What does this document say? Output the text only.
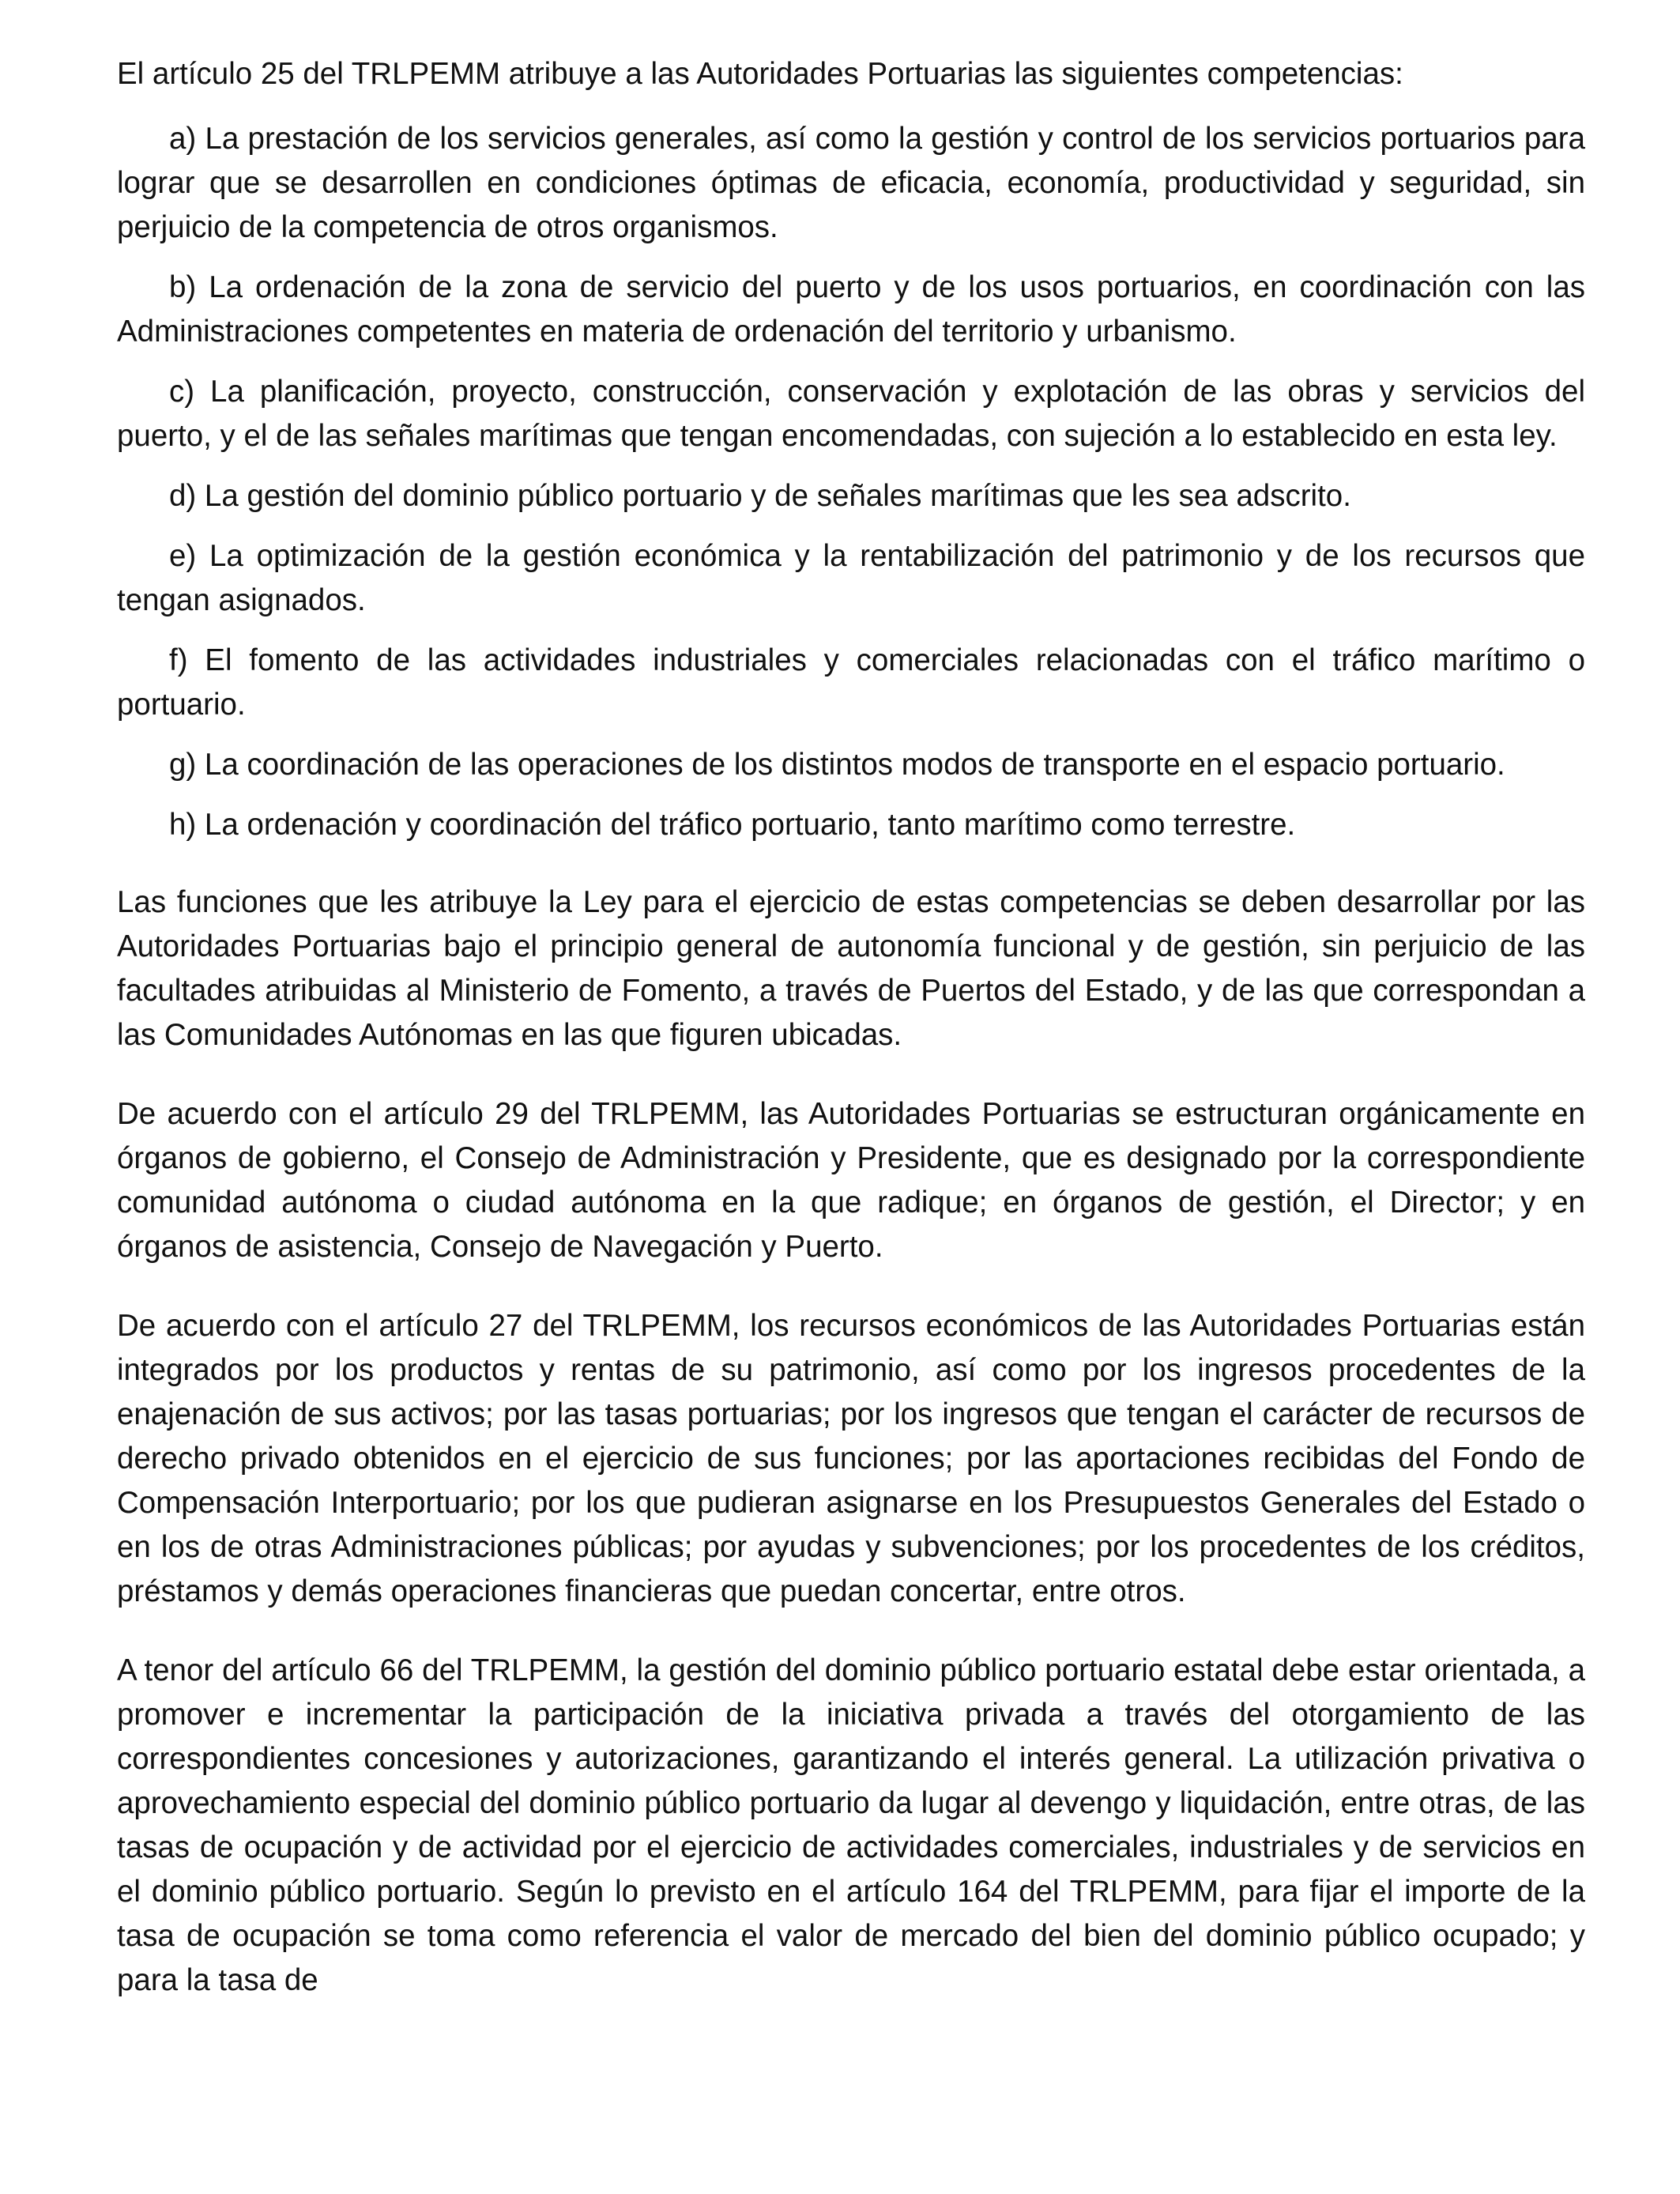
El artículo 25 del TRLPEMM atribuye a las Autoridades Portuarias las siguientes competencias:

a) La prestación de los servicios generales, así como la gestión y control de los servicios portuarios para lograr que se desarrollen en condiciones óptimas de eficacia, economía, productividad y seguridad, sin perjuicio de la competencia de otros organismos.

b) La ordenación de la zona de servicio del puerto y de los usos portuarios, en coordinación con las Administraciones competentes en materia de ordenación del territorio y urbanismo.

c) La planificación, proyecto, construcción, conservación y explotación de las obras y servicios del puerto, y el de las señales marítimas que tengan encomendadas, con sujeción a lo establecido en esta ley.

d) La gestión del dominio público portuario y de señales marítimas que les sea adscrito.

e) La optimización de la gestión económica y la rentabilización del patrimonio y de los recursos que tengan asignados.

f) El fomento de las actividades industriales y comerciales relacionadas con el tráfico marítimo o portuario.

g) La coordinación de las operaciones de los distintos modos de transporte en el espacio portuario.

h) La ordenación y coordinación del tráfico portuario, tanto marítimo como terrestre.

Las funciones que les atribuye la Ley para el ejercicio de estas competencias se deben desarrollar por las Autoridades Portuarias bajo el principio general de autonomía funcional y de gestión, sin perjuicio de las facultades atribuidas al Ministerio de Fomento, a través de Puertos del Estado, y de las que correspondan a las Comunidades Autónomas en las que figuren ubicadas.

De acuerdo con el artículo 29 del TRLPEMM, las Autoridades Portuarias se estructuran orgánicamente en órganos de gobierno, el Consejo de Administración y Presidente, que es designado por la correspondiente comunidad autónoma o ciudad autónoma en la que radique; en órganos de gestión, el Director; y en órganos de asistencia, Consejo de Navegación y Puerto.

De acuerdo con el artículo 27 del TRLPEMM, los recursos económicos de las Autoridades Portuarias están integrados por los productos y rentas de su patrimonio, así como por los ingresos procedentes de la enajenación de sus activos; por las tasas portuarias; por los ingresos que tengan el carácter de recursos de derecho privado obtenidos en el ejercicio de sus funciones; por las aportaciones recibidas del Fondo de Compensación Interportuario; por los que pudieran asignarse en los Presupuestos Generales del Estado o en los de otras Administraciones públicas; por ayudas y subvenciones; por los procedentes de los créditos, préstamos y demás operaciones financieras que puedan concertar, entre otros.

A tenor del artículo 66 del TRLPEMM, la gestión del dominio público portuario estatal debe estar orientada, a promover e incrementar la participación de la iniciativa privada a través del otorgamiento de las correspondientes concesiones y autorizaciones, garantizando el interés general. La utilización privativa o aprovechamiento especial del dominio público portuario da lugar al devengo y liquidación, entre otras, de las tasas de ocupación y de actividad por el ejercicio de actividades comerciales, industriales y de servicios en el dominio público portuario. Según lo previsto en el artículo 164 del TRLPEMM, para fijar el importe de la tasa de ocupación se toma como referencia el valor de mercado del bien del dominio público ocupado; y para la tasa de
